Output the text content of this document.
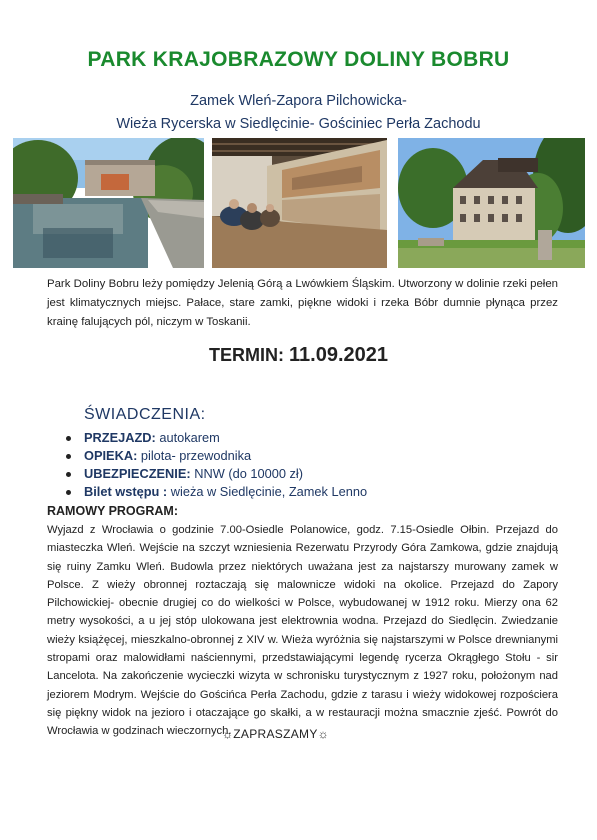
PARK KRAJOBRAZOWY DOLINY BOBRU
Zamek Wleń-Zapora Pilchowicka-
Wieża Rycerska w Siedlęcinie- Gościniec Perła Zachodu
Park Doliny Bobru leży pomiędzy Jelenią Górą a Lwówkiem Śląskim. Utworzony w dolinie rzeki pełen jest klimatycznych miejsc. Pałace, stare zamki, piękne widoki i rzeka Bóbr dumnie płynąca przez krainę falujących pól, niczym w Toskanii.
TERMIN: 11.09.2021
ŚWIADCZENIA:
PRZEJAZD: autokarem
OPIEKA: pilota- przewodnika
UBEZPIECZENIE: NNW (do 10000 zł)
Bilet wstępu : wieża w Siedlęcinie, Zamek Lenno
RAMOWY PROGRAM:
Wyjazd z Wrocławia o godzinie 7.00-Osiedle Polanowice, godz. 7.15-Osiedle Ołbin. Przejazd do miasteczka Wleń. Wejście na szczyt wzniesienia Rezerwatu Przyrody Góra Zamkowa, gdzie znajdują się ruiny Zamku Wleń. Budowla przez niektórych uważana jest za najstarszy murowany zamek w Polsce. Z wieży obronnej roztaczają się malownicze widoki na okolice. Przejazd do Zapory Pilchowickiej- obecnie drugiej co do wielkości w Polsce, wybudowanej w 1912 roku. Mierzy ona 62 metry wysokości, a u jej stóp ulokowana jest elektrownia wodna. Przejazd do Siedlęcin. Zwiedzanie wieży książęcej, mieszkalno-obronnej z XIV w. Wieża wyróżnia się najstarszymi w Polsce drewnianymi stropami oraz malowidłami naściennymi, przedstawiającymi legendę rycerza Okrągłego Stołu - sir Lancelota. Na zakończenie wycieczki wizyta w schronisku turystycznym z 1927 roku, położonym nad jeziorem Modrym. Wejście do Gościńca Perła Zachodu, gdzie z tarasu i wieży widokowej rozpościera się piękny widok na jezioro i otaczające go skałki, a w restauracji można smacznie zjeść. Powrót do Wrocławia w godzinach wieczornych.
☼ZAPRASZAMY☼
